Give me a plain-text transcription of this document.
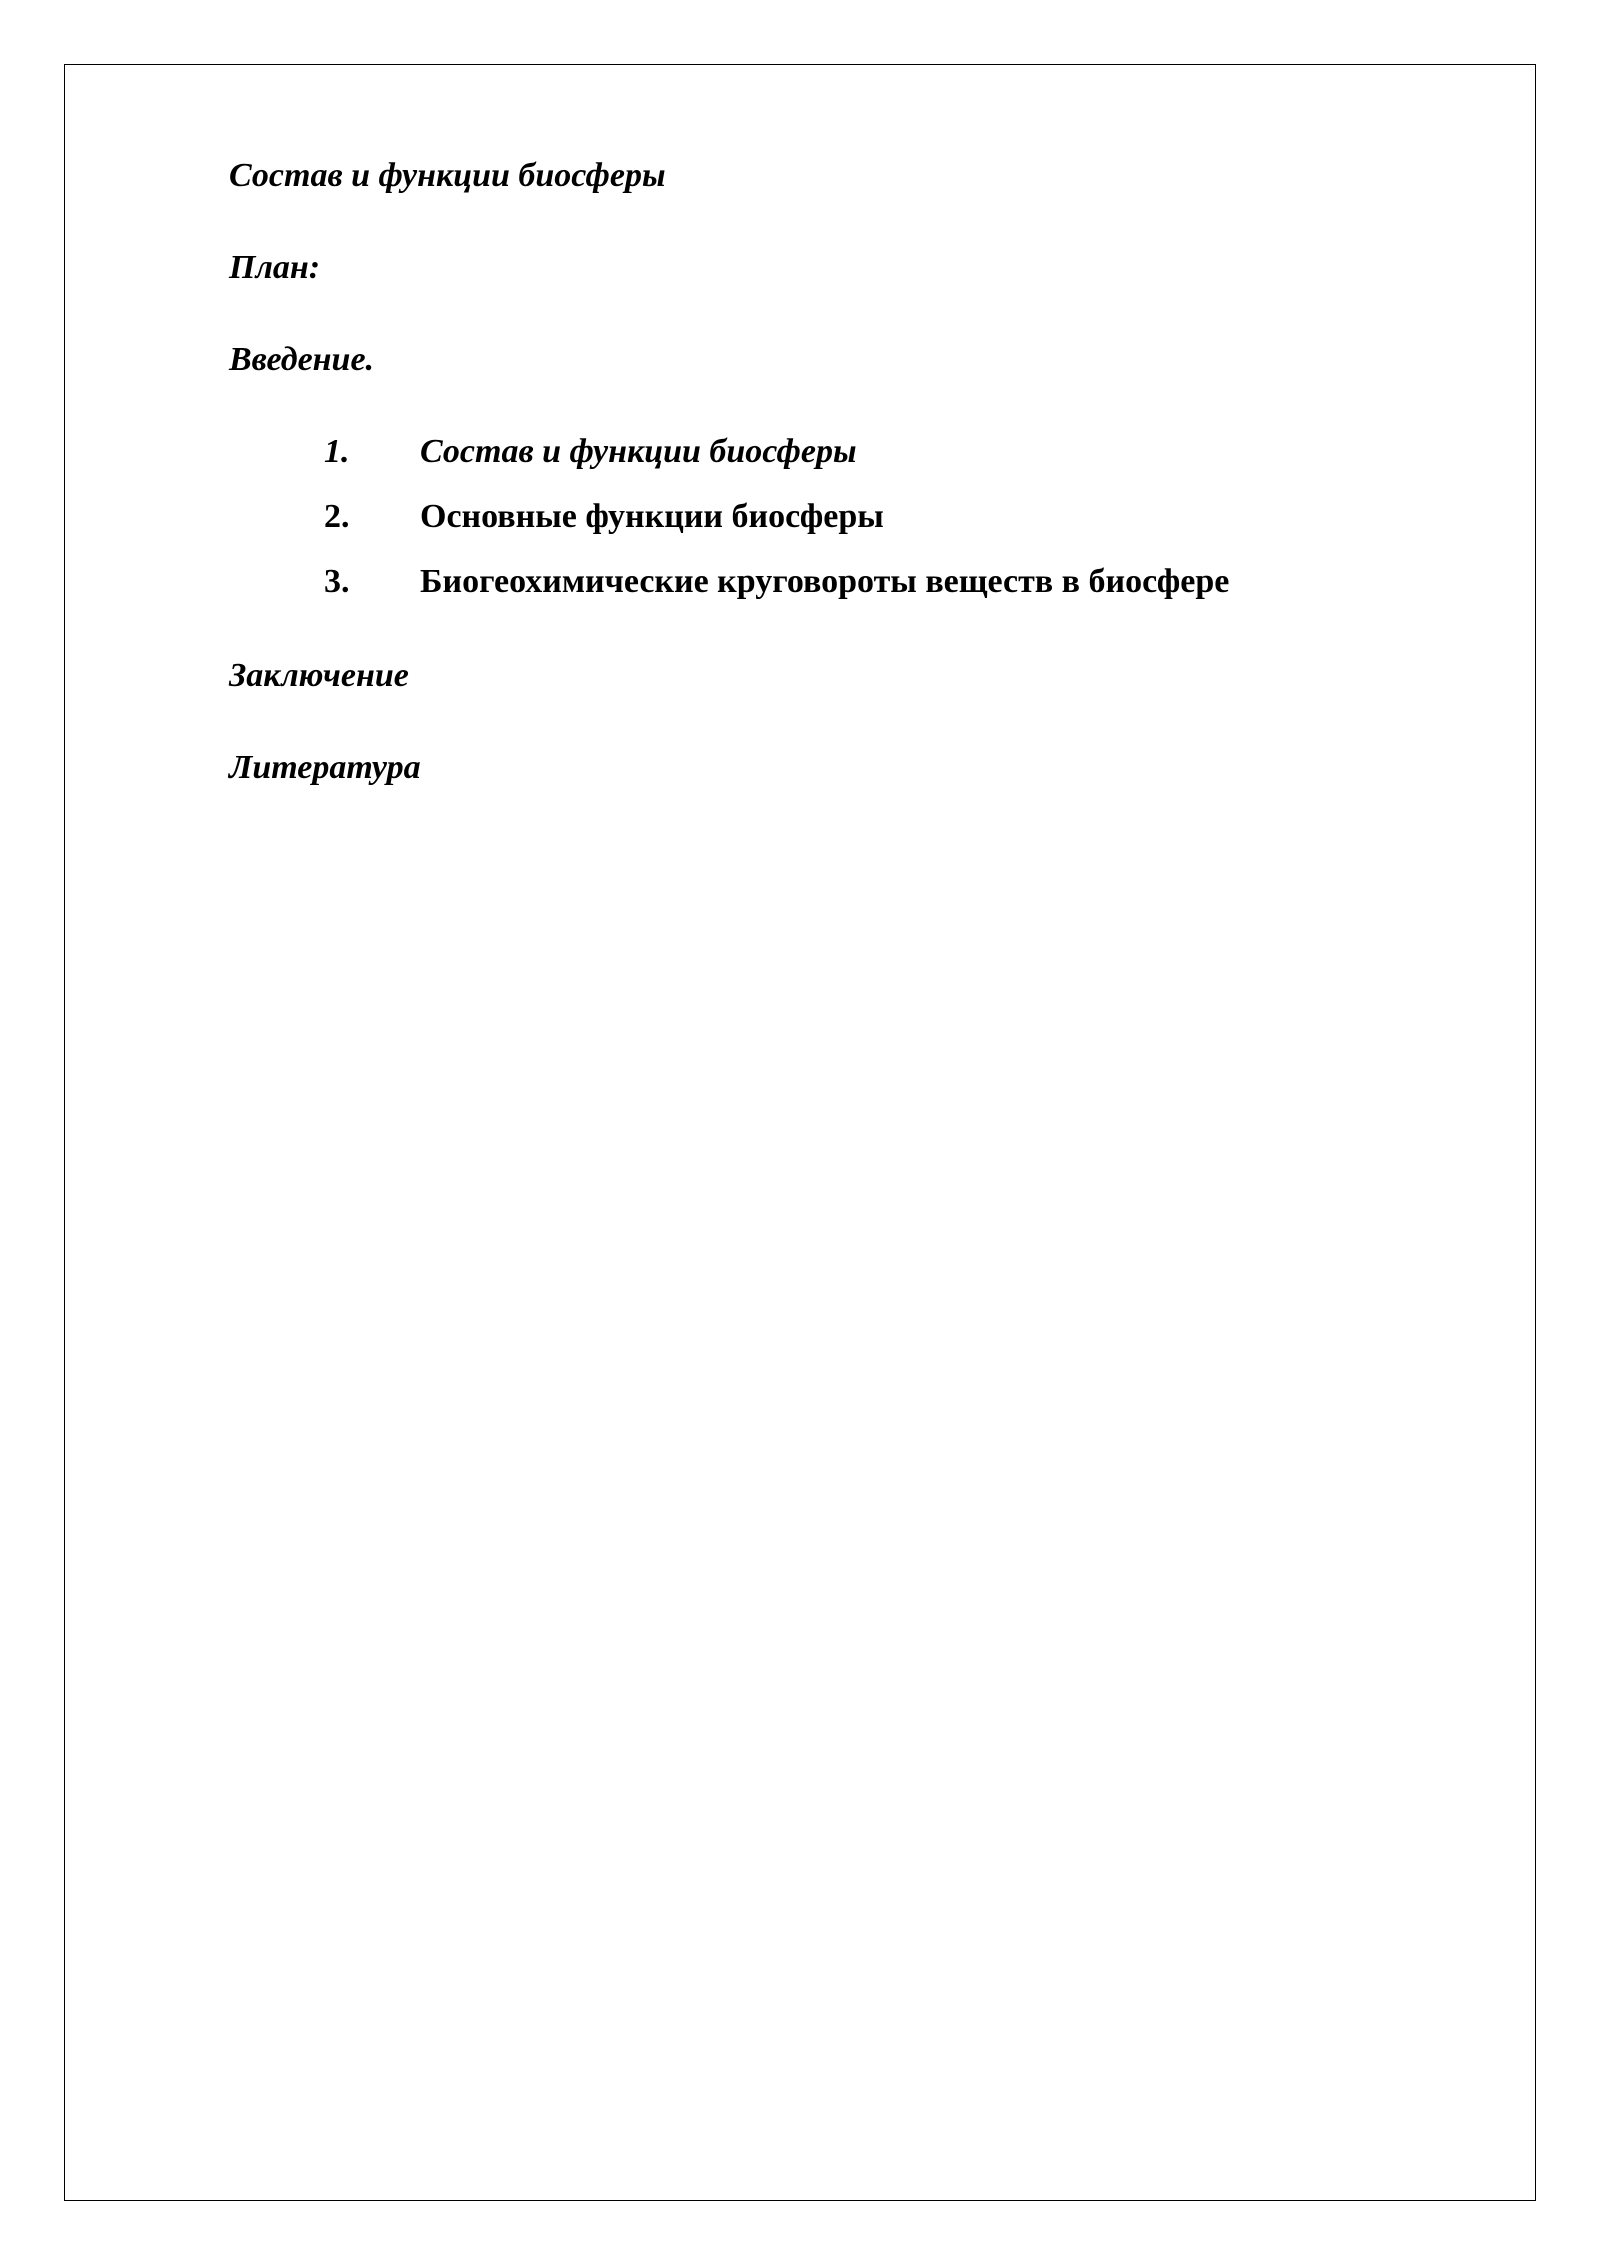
Состав и функции биосферы
План:
Введение.
1. Состав и функции биосферы
2. Основные функции биосферы
3. Биогеохимические круговороты веществ в биосфере
Заключение
Литература
